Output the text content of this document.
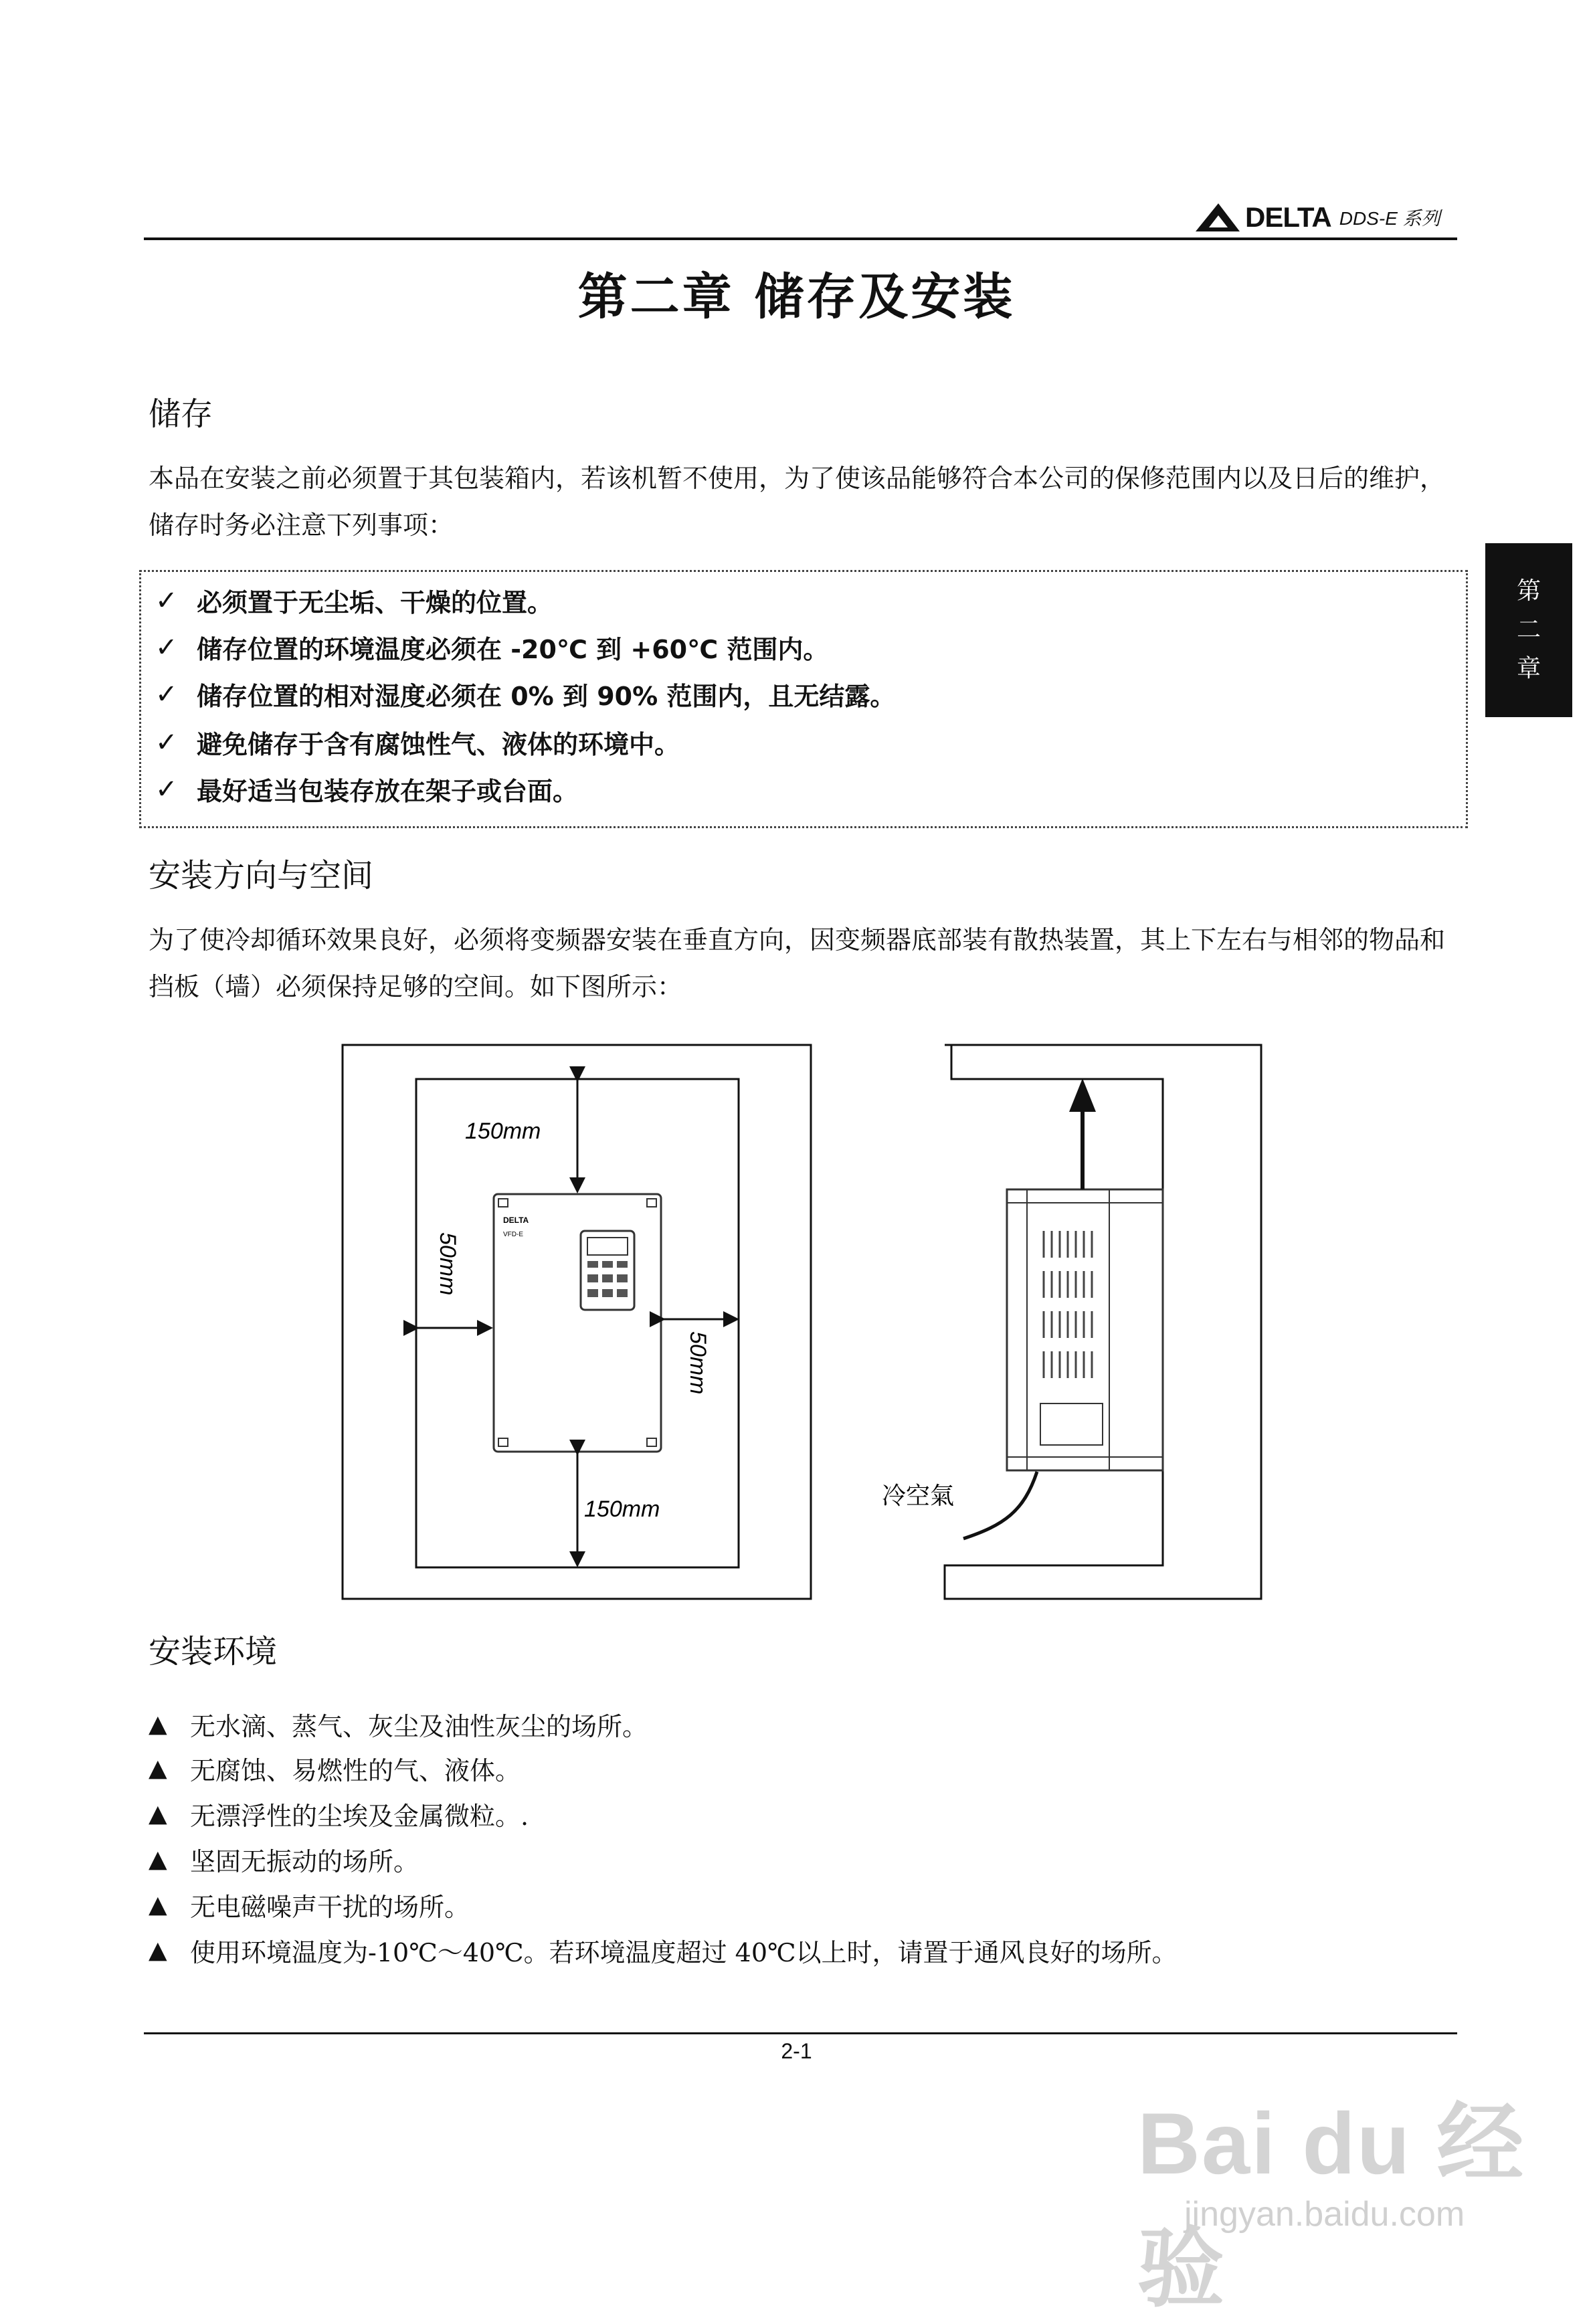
DELTA DDS-E 系列
第二章 储存及安装
第
二
章
储存
本品在安装之前必须置于其包装箱内，若该机暂不使用，为了使该品能够符合本公司的保修范围内以及日后的维护，储存时务必注意下列事项：
✓ 必须置于无尘垢、干燥的位置。
✓ 储存位置的环境温度必须在 -20℃ 到 +60℃ 范围内。
✓ 储存位置的相对湿度必须在 0% 到 90% 范围内，且无结露。
✓ 避免储存于含有腐蚀性气、液体的环境中。
✓ 最好适当包装存放在架子或台面。
安装方向与空间
为了使冷却循环效果良好，必须将变频器安装在垂直方向，因变频器底部装有散热装置，其上下左右与相邻的物品和挡板（墙）必须保持足够的空间。如下图所示：
DELTA
VFD-E
150mm
150mm
50mm
50mm
冷空氣
安装环境
▲ 无水滴、蒸气、灰尘及油性灰尘的场所。
▲ 无腐蚀、易燃性的气、液体。
▲ 无漂浮性的尘埃及金属微粒。.
▲ 坚固无振动的场所。
▲ 无电磁噪声干扰的场所。
▲ 使用环境温度为-10℃～40℃。若环境温度超过 40℃以上时，请置于通风良好的场所。
2-1
Bai du 经验
jingyan.baidu.com
